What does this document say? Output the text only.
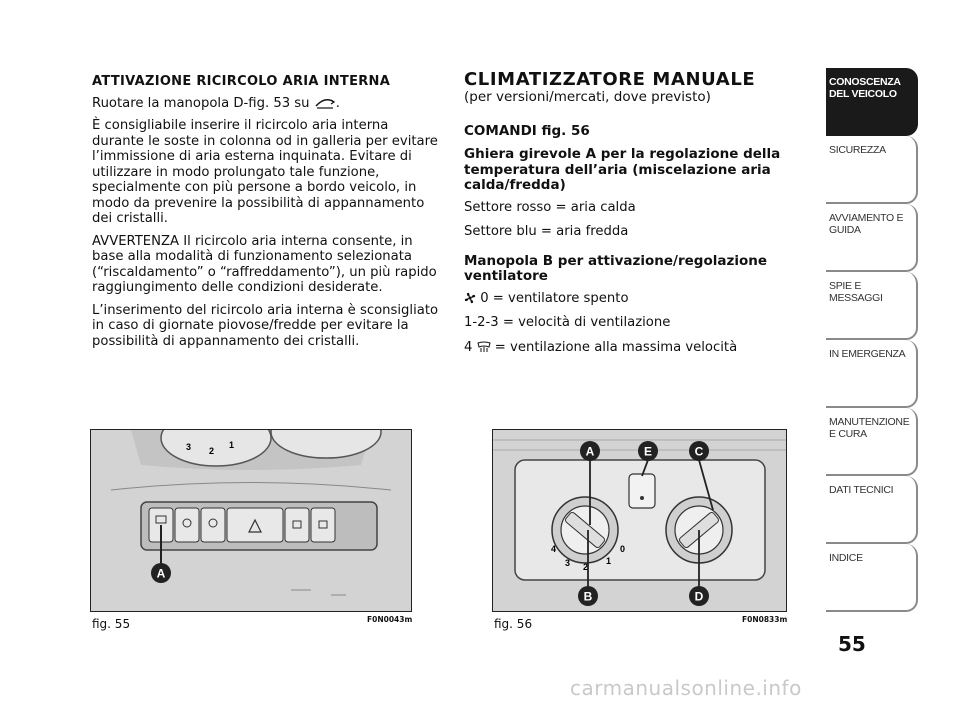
ATTIVAZIONE RICIRCOLO ARIA INTERNA

Ruotare la manopola D-fig. 53 su .

È consigliabile inserire il ricircolo aria interna durante le soste in colonna od in galleria per evitare l’immissione di aria esterna inquinata. Evitare di utilizzare in modo prolungato tale funzione, specialmente con più persone a bordo veicolo, in modo da prevenire la possibilità di appannamento dei cristalli.

AVVERTENZA Il ricircolo aria interna consente, in base alla modalità di funzionamento selezionata (“riscaldamento” o “raffreddamento”), un più rapido raggiungimento delle condizioni desiderate.

L’inserimento del ricircolo aria interna è sconsigliato in caso di giornate piovose/fredde per evitare la possibilità di appannamento dei cristalli.

CLIMATIZZATORE MANUALE
(per versioni/mercati, dove previsto)
COMANDI fig. 56
Ghiera girevole A per la regolazione della temperatura dell’aria (miscelazione aria calda/fredda)
Settore rosso = aria calda
Settore blu = aria fredda
Manopola B per attivazione/regolazione ventilatore
0 = ventilatore spento
1-2-3 = velocità di ventilazione
4 = ventilazione alla massima velocità
CONOSCENZA DEL VEICOLO
SICUREZZA
AVVIAMENTO E GUIDA
SPIE E MESSAGGI
IN EMERGENZA
MANUTENZIONE E CURA
DATI TECNICI
INDICE
55
3 2
1
A
fig. 55	F0N0043m
4
3 2
1
0
A	E	C
B	D
fig. 56	F0N0833m
carmanualsonline.info
